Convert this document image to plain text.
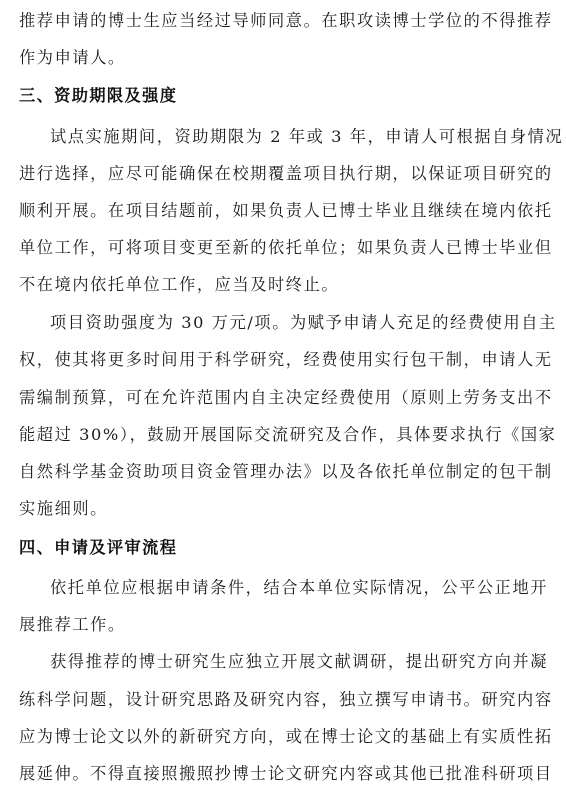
推荐申请的博士生应当经过导师同意。在职攻读博士学位的不得推荐
作为申请人。
三、资助期限及强度
试点实施期间，资助期限为 2 年或 3 年，申请人可根据自身情况
进行选择，应尽可能确保在校期覆盖项目执行期，以保证项目研究的
顺利开展。在项目结题前，如果负责人已博士毕业且继续在境内依托
单位工作，可将项目变更至新的依托单位；如果负责人已博士毕业但
不在境内依托单位工作，应当及时终止。
项目资助强度为 30 万元/项。为赋予申请人充足的经费使用自主
权，使其将更多时间用于科学研究，经费使用实行包干制，申请人无
需编制预算，可在允许范围内自主决定经费使用（原则上劳务支出不
能超过 30%），鼓励开展国际交流研究及合作，具体要求执行《国家
自然科学基金资助项目资金管理办法》以及各依托单位制定的包干制
实施细则。
四、申请及评审流程
依托单位应根据申请条件，结合本单位实际情况，公平公正地开
展推荐工作。
获得推荐的博士研究生应独立开展文献调研，提出研究方向并凝
练科学问题，设计研究思路及研究内容，独立撰写申请书。研究内容
应为博士论文以外的新研究方向，或在博士论文的基础上有实质性拓
展延伸。不得直接照搬照抄博士论文研究内容或其他已批准科研项目
